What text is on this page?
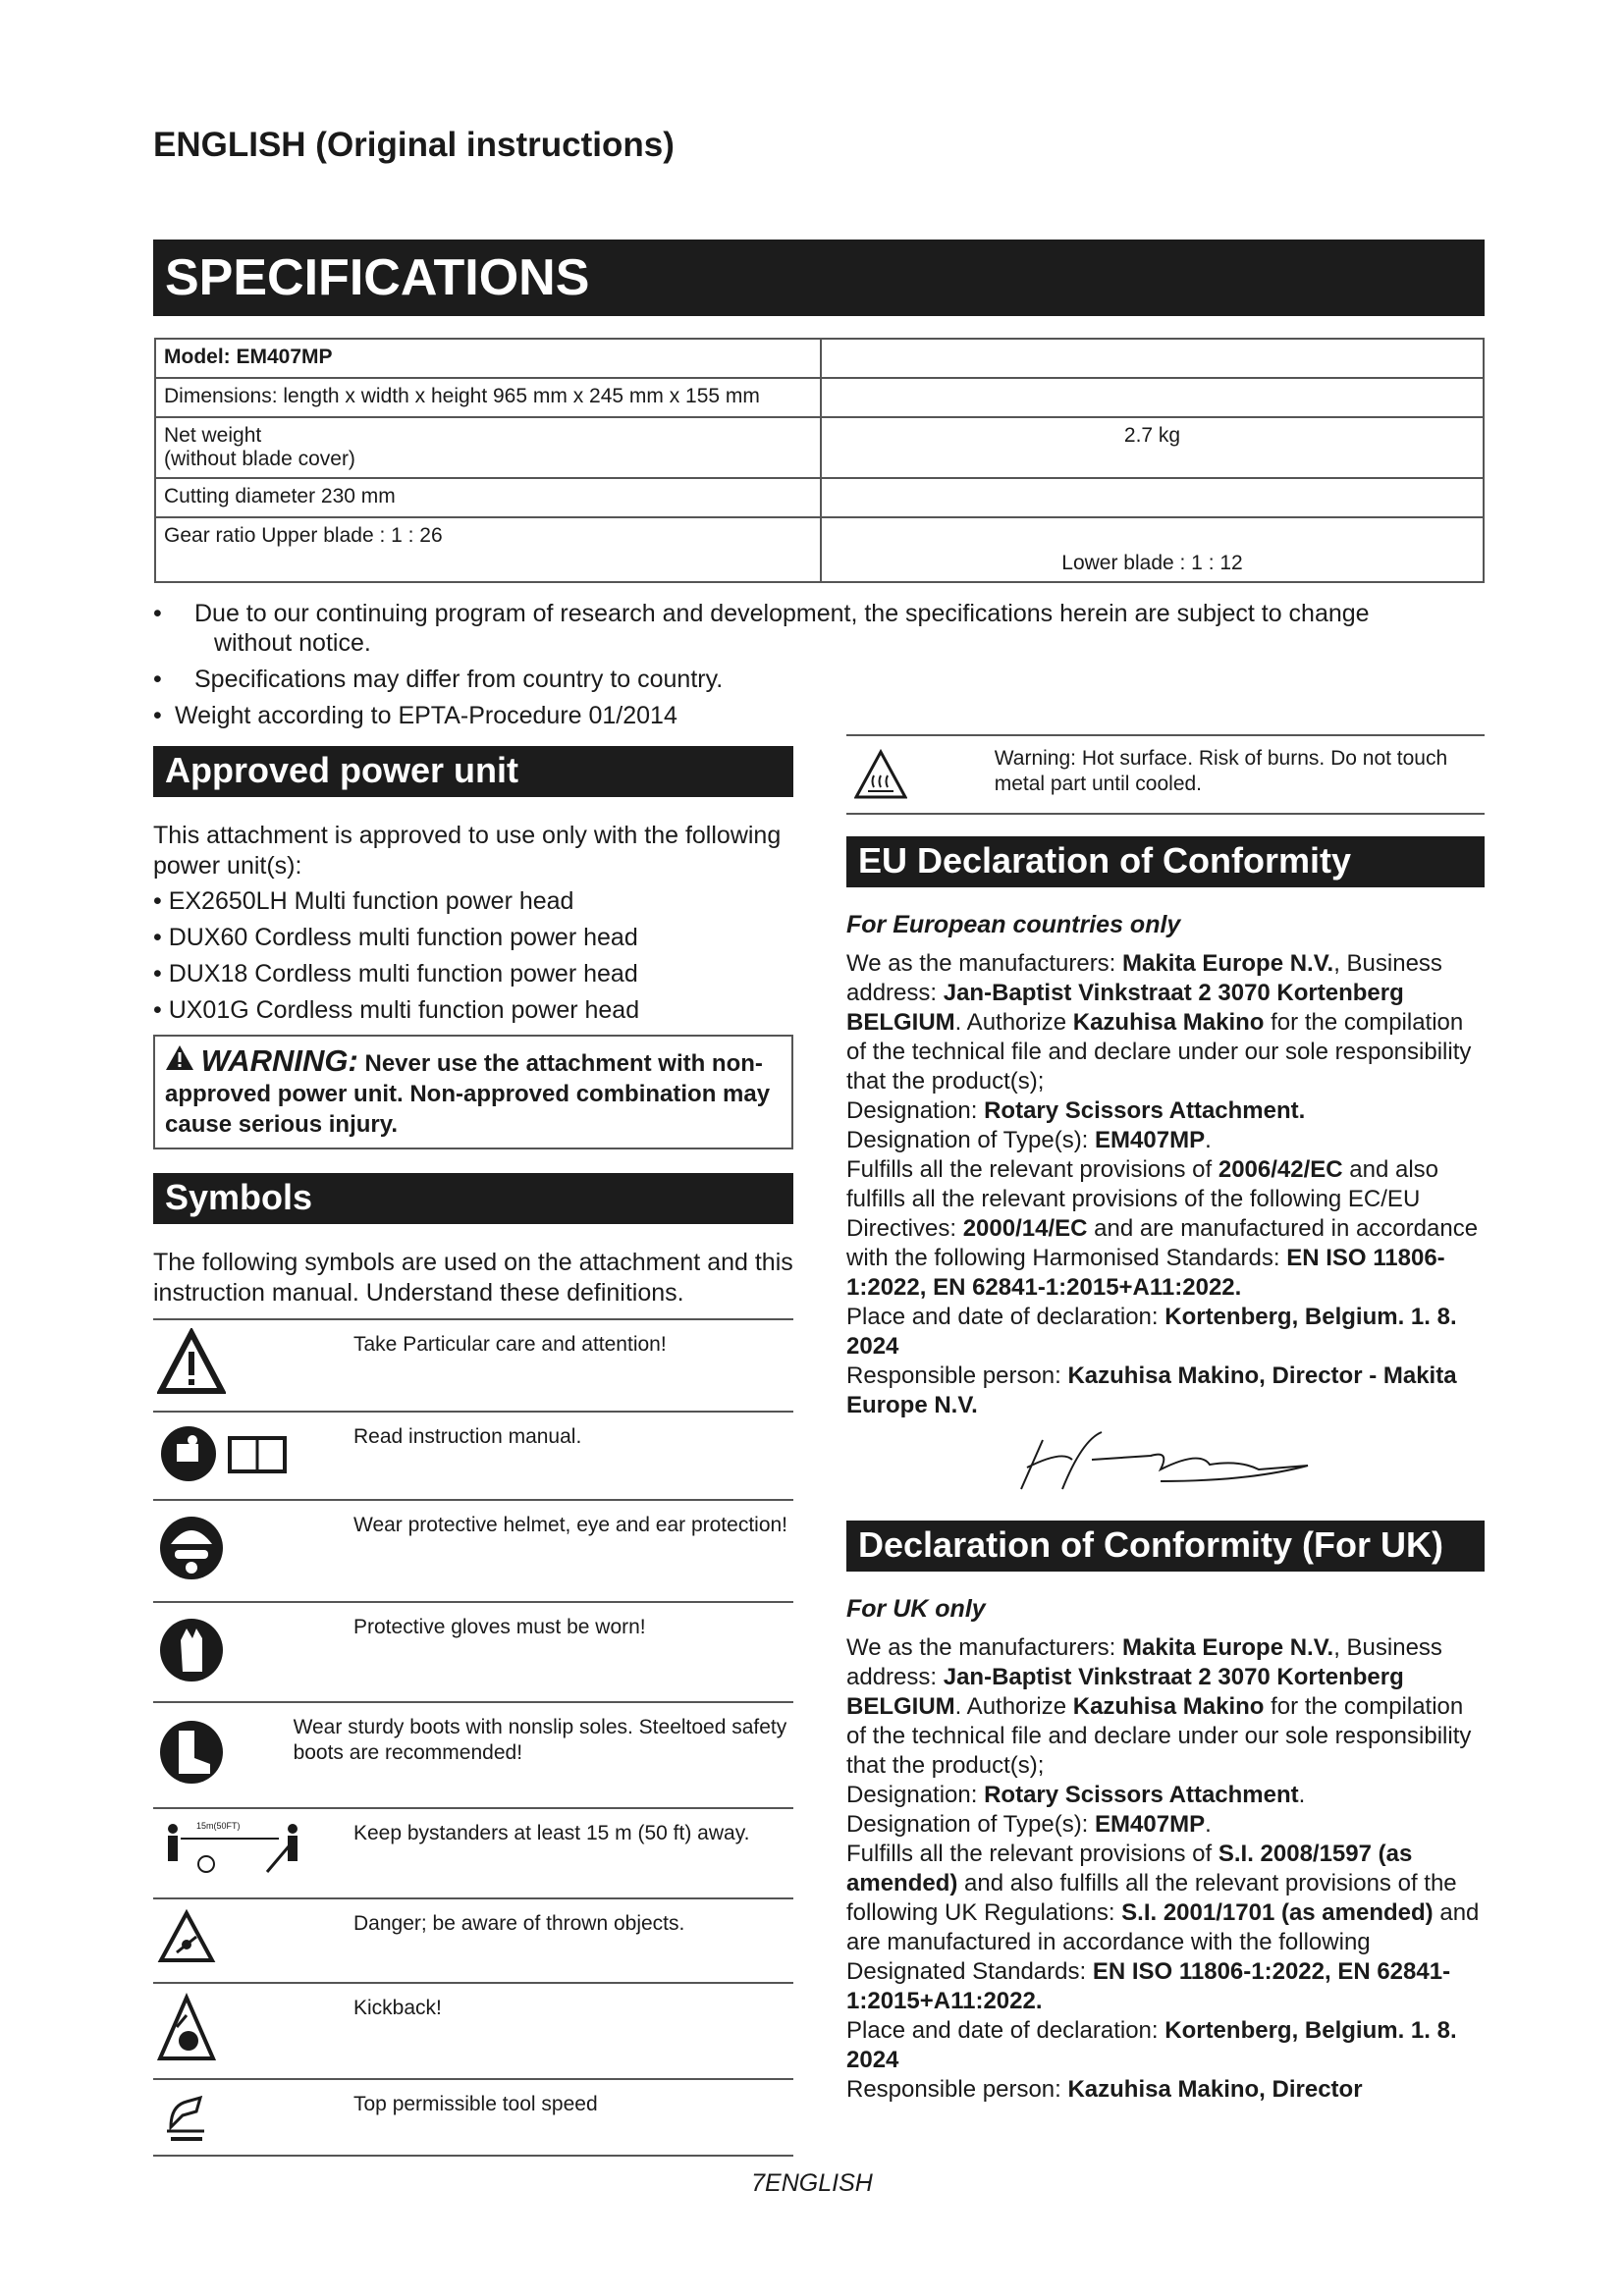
ENGLISH (Original instructions)
SPECIFICATIONS
Model: EM407MP	
Dimensions: length x width x height 965 mm x 245 mm x 155 mm	

Net weight
(without blade cover)	2.7 kg
Cutting diameter 230 mm	
Gear ratio Upper blade : 1 : 26	Lower blade : 1 : 12
• Due to our continuing program of research and development, the specifications herein are subject to change
without notice.
• Specifications may differ from country to country.
• Weight according to EPTA-Procedure 01/2014
Approved power unit
This attachment is approved to use only with the following power unit(s):
• EX2650LH Multi function power head
• DUX60 Cordless multi function power head
• DUX18 Cordless multi function power head
• UX01G Cordless multi function power head
WARNING: Never use the attachment with non-approved power unit. Non-approved combination may cause serious injury.
Symbols
The following symbols are used on the attachment and this instruction manual. Understand these definitions.
Take Particular care and attention!
Read instruction manual.
Wear protective helmet, eye and ear protection!
Protective gloves must be worn!
Wear sturdy boots with nonslip soles. Steeltoed safety boots are recommended!
15m(50FT)	Keep bystanders at least 15 m (50 ft) away.
Danger; be aware of thrown objects.
Kickback!
Top permissible tool speed
Warning: Hot surface. Risk of burns. Do not touch metal part until cooled.
EU Declaration of Conformity
For European countries only
We as the manufacturers: Makita Europe N.V., Business address: Jan-Baptist Vinkstraat 2 3070 Kortenberg BELGIUM. Authorize Kazuhisa Makino for the compilation of the technical file and declare under our sole responsibility that the product(s);
Designation: Rotary Scissors Attachment.
Designation of Type(s): EM407MP.
Fulfills all the relevant provisions of 2006/42/EC and also fulfills all the relevant provisions of the following EC/EU Directives: 2000/14/EC and are manufactured in accordance with the following Harmonised Standards: EN ISO 11806-1:2022, EN 62841-1:2015+A11:2022.
Place and date of declaration: Kortenberg, Belgium. 1. 8. 2024
Responsible person: Kazuhisa Makino, Director - Makita Europe N.V.
Declaration of Conformity (For UK)
For UK only
We as the manufacturers: Makita Europe N.V., Business address: Jan-Baptist Vinkstraat 2 3070 Kortenberg BELGIUM. Authorize Kazuhisa Makino for the compilation of the technical file and declare under our sole responsibility that the product(s);
Designation: Rotary Scissors Attachment.
Designation of Type(s): EM407MP.
Fulfills all the relevant provisions of S.I. 2008/1597 (as amended) and also fulfills all the relevant provisions of the following UK Regulations: S.I. 2001/1701 (as amended) and are manufactured in accordance with the following Designated Standards: EN ISO 11806-1:2022, EN 62841-1:2015+A11:2022.
Place and date of declaration: Kortenberg, Belgium. 1. 8. 2024
Responsible person: Kazuhisa Makino, Director
7ENGLISH
